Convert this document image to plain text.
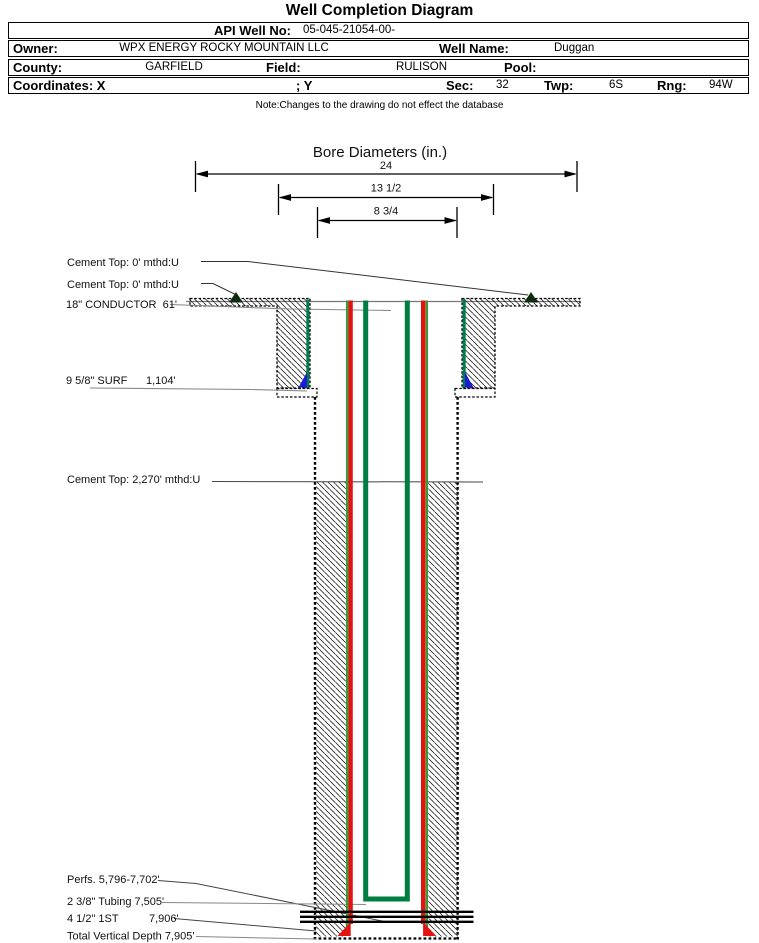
Well Completion Diagram
API Well No: 05-045-21054-00-
Owner:	WPX ENERGY ROCKY MOUNTAIN LLC	Well Name:	Duggan
County:	GARFIELD	Field:	RULISON	Pool:
Coordinates: X	; Y	Sec: 32	Twp:	6S	Rng: 94W
Note:Changes to the drawing do not effect the database
Bore Diameters (in.)
24
13 1/2
8 3/4
Cement Top: 0' mthd:U
Cement Top: 0' mthd:U
18" CONDUCTOR  61'
9 5/8" SURF 1,104'
Cement Top: 2,270' mthd:U
Perfs. 5,796-7,702'
2 3/8" Tubing 7,505'
4 1/2" 1ST	7,906'
Total Vertical Depth 7,905'
